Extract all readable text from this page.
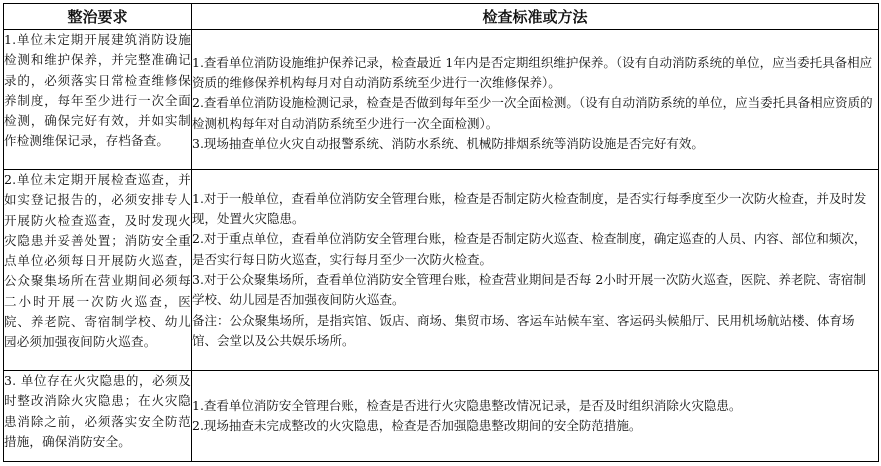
整治要求	检查标准或方法
1.单位未定期开展建筑消防设施检测和维护保养，并完整准确记录的，必须落实日常检查维修保养制度，每年至少进行一次全面检测，确保完好有效，并如实制作检测维保记录，存档备查。	1.查看单位消防设施维护保养记录，检查最近 1年内是否定期组织维护保养。（设有自动消防系统的单位，应当委托具备相应资质的维修保养机构每月对自动消防系统至少进行一次维修保养）。

2.查看单位消防设施检测记录，检查是否做到每年至少一次全面检测。（设有自动消防系统的单位，应当委托具备相应资质的检测机构每年对自动消防系统至少进行一次全面检测）。

3.现场抽查单位火灾自动报警系统、消防水系统、机械防排烟系统等消防设施是否完好有效。

2.单位未定期开展检查巡查，并如实登记报告的，必须安排专人开展防火检查巡查，及时发现火灾隐患并妥善处置；消防安全重点单位必须每日开展防火巡查，公众聚集场所在营业期间必须每二小时开展一次防火巡查，医院、养老院、寄宿制学校、幼儿园必须加强夜间防火巡查。	1.对于一般单位，查看单位消防安全管理台账，检查是否制定防火检查制度，是否实行每季度至少一次防火检查，并及时发现，处置火灾隐患。

2.对于重点单位，查看单位消防安全管理台账，检查是否制定防火巡查、检查制度，确定巡查的人员、内容、部位和频次，是否实行每日防火巡查，实行每月至少一次防火检查。

3.对于公众聚集场所，查看单位消防安全管理台账，检查营业期间是否每 2小时开展一次防火巡查，医院、养老院、寄宿制学校、幼儿园是否加强夜间防火巡查。

备注：公众聚集场所，是指宾馆、饭店、商场、集贸市场、客运车站候车室、客运码头候船厅、民用机场航站楼、体育场馆、会堂以及公共娱乐场所。

3. 单位存在火灾隐患的，必须及时整改消除火灾隐患；在火灾隐患消除之前，必须落实安全防范措施，确保消防安全。	1.查看单位消防安全管理台账，检查是否进行火灾隐患整改情况记录，是否及时组织消除火灾隐患。

2.现场抽查未完成整改的火灾隐患，检查是否加强隐患整改期间的安全防范措施。
